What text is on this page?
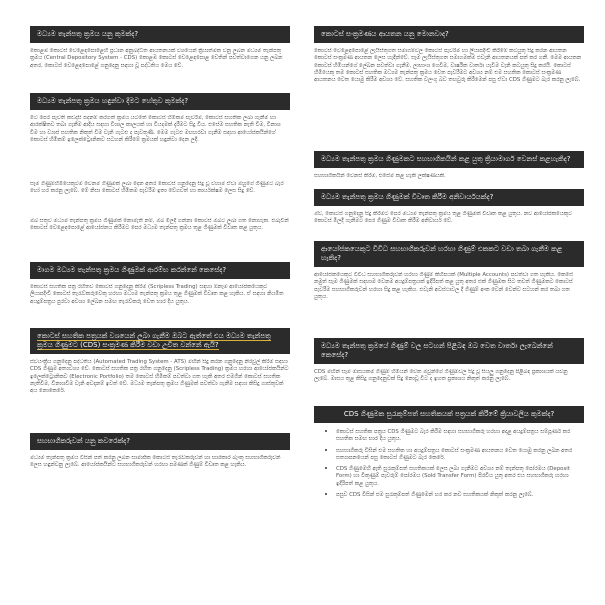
මධ්‍යම තැන්පතු ක්‍රමය යනු කුමක්ද?

කොළඹ කොටස් වෙළෙඳපොළෙහි ප්‍රධාන අනුබද්ධිත ආයතනයක් වශයෙන් ක්‍රියාත්මක වනු ලබන මධ්‍යම තැන්පතු ක්‍රමය (Central Depository System - CDS) කොළඹ කොටස් වෙළෙඳපොළ වෙතින් පවත්වාගෙන යනු ලබන අතර, කොටස් වෙළෙඳපොළේ ගනුදෙනු සඳහා වූ පද්ධතිය මෙය වේ.

මධ්‍යම තැන්පතු ක්‍රමය හඳුන්වා දීමට හේතුව කුමක්ද?

මීට පෙර පැවති කඩදාසි පදනම් කරගත් ක්‍රමය යටතේ කොටස් හිමිකම පැවරීම, කොටස් සහතික ලබා ගැනීම හා ආරක්ෂිතව තබා ගැනීම ආදිය සඳහා විශාල කාලයක් හා වියදමක් දැරීමට සිදු විය. එසේම සහතික නැති වීම, විනාශ වීම හා ව්‍යාජ සහතික නිකුත් වීම වැනි ගැටළු ද පැවතුණි. මෙම ගැටළු මඟහරවා ගැනීම සඳහා ආයෝජකයින්ගේ කොටස් හිමිකම් ඉලෙක්ට්‍රොනිකව සටහන් කිරීමේ ක්‍රමයක් හඳුන්වා දෙන ලදී.

සෑම ගිණුම්හිමියෙකුටම වෙනම ගිණුමක් ලබා දෙන අතර කොටස් ගනුදෙනු සිදු වූ වහාම ඒවා ඔහුගේ ගිණුමට බැර හෝ හර කරනු ලැබේ. මේ නිසා කොටස් හිමිකම පැවරීම ඉතා වේගවත් හා කාර්යක්ෂම ලෙස සිදු වේ.

ඔබ සතුව මධ්‍යම තැන්පතු ක්‍රමය ගිණුමක් නොමැති නම්, ඔබ මිලදී ගන්නා කොටස් ඔබට ලබා ගත නොහැක. එබැවින් කොටස් වෙළෙඳපොළේ ආයෝජනය කිරීමට පෙර මධ්‍යම තැන්පතු ක්‍රමය තුළ ගිණුමක් විවෘත කළ යුතුය.

මාගම මධ්‍යම තැන්පතු ක්‍රමය ගිණුමක් ආරම්භ කරන්නේ කෙසේද?

කොටස් සහතික පත්‍ර රහිතව කොටස් ගනුදෙනු කිරීම (Scripless Trading) සඳහා ඕනෑම ආයෝජකයෙකුට ලියාපදිංචි කොටස් තැරැව්කරුවෙකු හරහා මධ්‍යම තැන්පතු ක්‍රමය තුළ ගිණුමක් විවෘත කළ හැකිය. ඒ සඳහා නියමිත අයදුම්පත්‍රය පුරවා අවශ්‍ය ලේඛන සමඟ තැරැව්කරු වෙත භාර දිය යුතුය.

කොටස් සහතික පත්‍රයක් වශයෙන් ලබා ගැනීම ඔබට ඇත්තේ එය මධ්‍යම තැන්පතු ක්‍රමය ගිණුමට (CDS) සංක්‍රමණ කිරීම වඩා උචිත වන්නේ ඇයි?

ස්වයංක්‍රීය ගනුදෙනු පද්ධතිය (Automated Trading System - ATS) මඟින් සිදු කරන ගනුදෙනු නිරවුල් කිරීම සඳහා CDS ගිණුම අත්‍යවශ්‍ය වේ. කොටස් සහතික පත්‍ර රහිත ගනුදෙනු (Scripless Trading) ක්‍රමය හරහා ආයෝජකයින්ට ඉලෙක්ට්‍රොනිකව (Electronic Portfolio) තම කොටස් හිමිකම් පවත්වා ගත හැකි අතර එමගින් කොටස් සහතික නැතිවීම, විනාශවීම වැනි අවදානම් ඉවත් වේ. මධ්‍යම තැන්පතු ක්‍රමය ගිණුමක් පවත්වා ගැනීම සඳහා කිසිදු ගාස්තුවක් අය නොකෙරේ.

සහභාගීකරුවන් යනු කවරෙක්ද?

මධ්‍යම තැන්පතු ක්‍රමය විසින් පත් කරනු ලබන සාමාජික කොටස් තැරැව්කරුවන් හා භාරකාර බැංකු සහභාගීකරුවන් ලෙස හඳුන්වනු ලැබේ. ආයෝජකයින්ට සහභාගීකරුවන් හරහා පමණක් ගිණුම් විවෘත කළ හැකිය.

කොටස් සංක්‍රමණය ආයතන යනු මොනවාද?

කොටස් වෙළෙඳපොළේ ලැයිස්තුගත සමාගම්වල කොටස් පැවරීම හා ලියාපදිංචි කිරීමේ කටයුතු සිදු කරන ආයතන කොටස් සංක්‍රමණ ආයතන ලෙස හැඳින්වේ. සෑම ලැයිස්තුගත සමාගමක්ම එවැනි ආයතනයක් පත් කර ගනී. මෙම ආයතන කොටස් හිමියන්ගේ ලේඛන පවත්වා ගැනීම, ලාභාංශ ගෙවීම, වාර්ෂික වාර්තා යැවීම වැනි කටයුතු සිදු කරයි. කොටස් හිමියෙකු තම කොටස් සහතික මධ්‍යම තැන්පතු ක්‍රමය වෙත පැවරීමට අවශ්‍ය නම් එම සහතික කොටස් සංක්‍රමණ ආයතනය වෙත යොමු කිරීම අවශ්‍ය වේ. සහතික වලංගු බව තහවුරු කිරීමෙන් පසු ඒවා CDS ගිණුමට බැර කරනු ලැබේ.

මධ්‍යම තැන්පතු ක්‍රමය ගිණුමකට සහභාගිකයින් කළ යුතු ක්‍රියාමාර්ග වෙනස් කළහැකිද?

සහභාගිකයින් වෙනස් කිරීම, එසේම කළ හැකි ලක්ෂණයකි.

මධ්‍යම තැන්පතු ක්‍රමය ගිණුමක් විවෘත කිරීම අනිවාර්යයක්ද?

ඔව්, කොටස් ගනුදෙනු සිදු කිරීමට පෙර මධ්‍යම තැන්පතු ක්‍රමය තුළ ගිණුමක් විවෘත කළ යුතුය. නව ආයෝජකයෙකුට කොටස් මිලදී ගැනීමට පෙර ගිණුම විවෘත කිරීම අනිවාර්ය වේ.

ආයෝජකයෙකුට විවිධ සහභාගීකරුවන් හරහා ගිණුම් එකකට වඩා තබා ගැනීම කළ හැකිද?

ආයෝජකයෙකුට විවිධ සහභාගීකරුවන් හරහා ගිණුම් කිහිපයක් (Multiple Accounts) පවත්වා ගත හැකිය. කෙසේ නමුත් සෑම ගිණුමක් සඳහාම වෙනම අයදුම්පත්‍රයක් ඉදිරිපත් කළ යුතු අතර එක් ගිණුමක සිට තවත් ගිණුමකට කොටස් පැවරීම සහභාගීකරුවන් හරහා සිදු කළ හැකිය. එවැනි අවස්ථාවල දී ගිණුම් අංක වෙන් වෙන්ව සටහන් කර තබා ගත යුතුය.

මධ්‍යම තැන්පතු ක්‍රමයේ ගිණුම් වල සටහන් පිළිබඳ ඔබ වෙත වාර්තා ලැබෙන්නේ කෙසේද?

CDS මඟින් සෑම මාසයකම ගිණුම් හිමියන් වෙත ඔවුන්ගේ ගිණුම්වල සිදු වූ සියලු ගනුදෙනු පිළිබඳ ප්‍රකාශයක් යවනු ලැබේ. මාසය තුළ කිසිදු ගනුදෙනුවක් සිදු නොවූ විට ද ඉහත ප්‍රකාශය නිකුත් කරනු ලැබේ.

CDS ගිණුමක සුරැකුම්පත් සහතිකයක් පත්‍රයක් කිරීමේ ක්‍රියාවලිය කුමක්ද?
• කොටස් සහතික පත්‍රය CDS ගිණුමට බැර කිරීම සඳහා සහභාගීකරු හරහා අදාළ අයදුම්පත්‍රය සම්පූර්ණ කර සහතික සමඟ භාර දිය යුතුය.
• සහභාගීකරු විසින් එම සහතික හා අයදුම්පත්‍රය කොටස් සංක්‍රමණ ආයතනය වෙත යොමු කරනු ලබන අතර සත්‍යාපනයෙන් පසු කොටස් ගිණුමට බැර කෙරේ.
• CDS ගිණුමෙහි ඇති සුරැකුම්පත් සහතිකයක් ලෙස ලබා ගැනීමට අවශ්‍ය නම් තැන්පතු පෝරමය (Deposit Form) හා විකුණුම් පැවරුම් පෝරමය (Sold Transfer Form) පිරවිය යුතු අතර එය සහභාගීකරු හරහා ඉදිරිපත් කළ යුතුය.
• පසුව CDS විසින් එම සුරැකුම්පත් ගිණුමෙන් හර කර නව සහතිකයක් නිකුත් කරනු ලැබේ.
